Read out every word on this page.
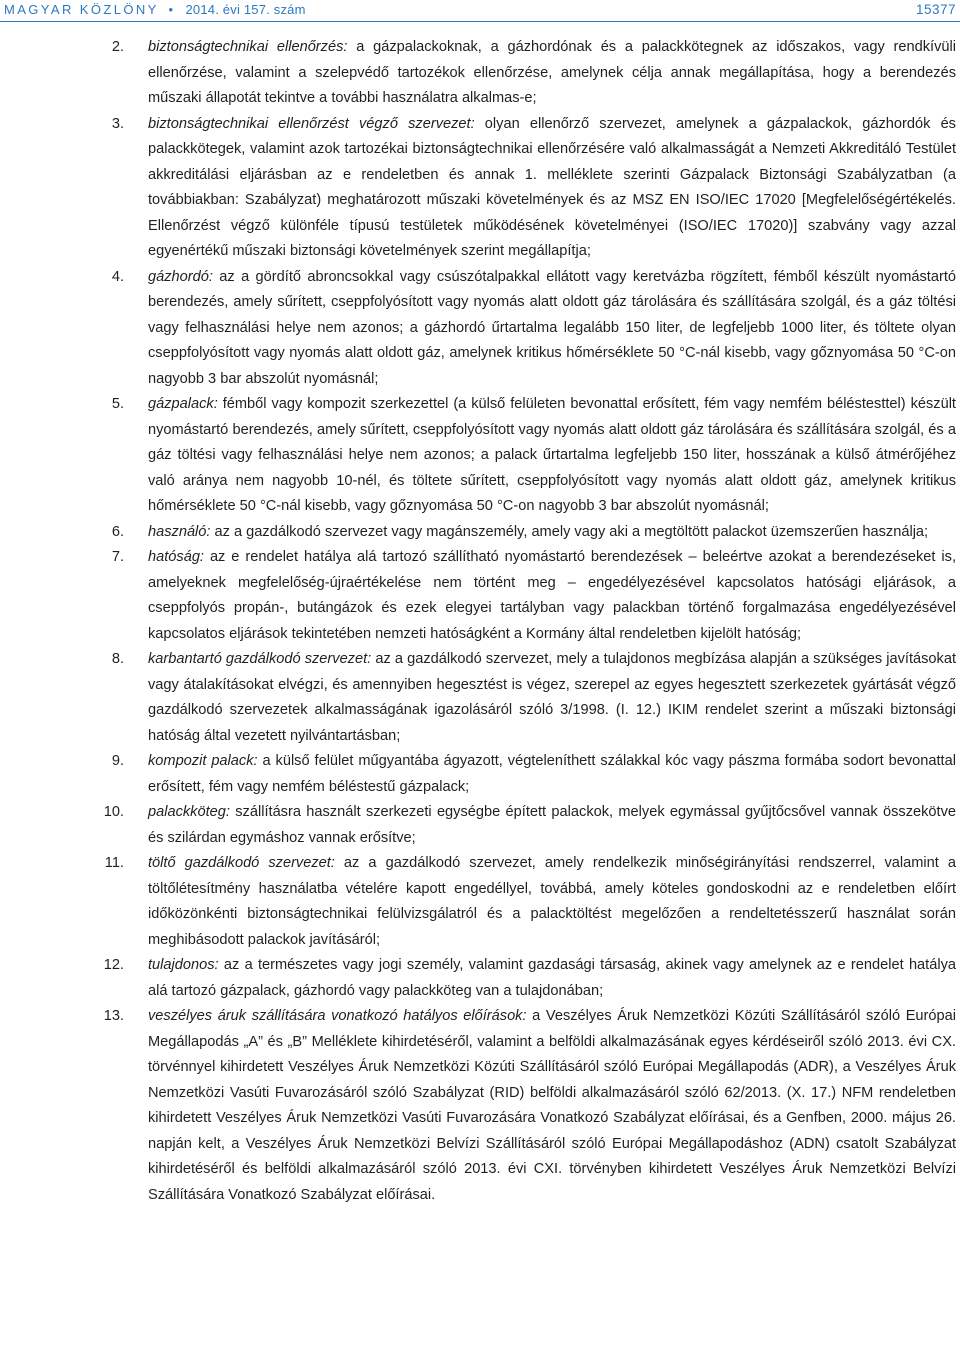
MAGYAR KÖZLÖNY • 2014. évi 157. szám	15377
2. biztonságtechnikai ellenőrzés: a gázpalackoknak, a gázhordónak és a palackkötegnek az időszakos, vagy rendkívüli ellenőrzése, valamint a szelepvédő tartozékok ellenőrzése, amelynek célja annak megállapítása, hogy a berendezés műszaki állapotát tekintve a további használatra alkalmas-e;
3. biztonságtechnikai ellenőrzést végző szervezet: olyan ellenőrző szervezet, amelynek a gázpalackok, gázhordók és palackkötegek, valamint azok tartozékai biztonságtechnikai ellenőrzésére való alkalmasságát a Nemzeti Akkreditáló Testület akkreditálási eljárásban az e rendeletben és annak 1. melléklete szerinti Gázpalack Biztonsági Szabályzatban (a továbbiakban: Szabályzat) meghatározott műszaki követelmények és az MSZ EN ISO/IEC 17020 [Megfelelőségértékelés. Ellenőrzést végző különféle típusú testületek működésének követelményei (ISO/IEC 17020)] szabvány vagy azzal egyenértékű műszaki biztonsági követelmények szerint megállapítja;
4. gázhordó: az a gördítő abroncsokkal vagy csúszótalpakkal ellátott vagy keretvázba rögzített, fémből készült nyomástartó berendezés, amely sűrített, cseppfolyósított vagy nyomás alatt oldott gáz tárolására és szállítására szolgál, és a gáz töltési vagy felhasználási helye nem azonos; a gázhordó űrtartalma legalább 150 liter, de legfeljebb 1000 liter, és töltete olyan cseppfolyósított vagy nyomás alatt oldott gáz, amelynek kritikus hőmérséklete 50 °C-nál kisebb, vagy gőznyomása 50 °C-on nagyobb 3 bar abszolút nyomásnál;
5. gázpalack: fémből vagy kompozit szerkezettel (a külső felületen bevonattal erősített, fém vagy nemfém béléstesttel) készült nyomástartó berendezés, amely sűrített, cseppfolyósított vagy nyomás alatt oldott gáz tárolására és szállítására szolgál, és a gáz töltési vagy felhasználási helye nem azonos; a palack űrtartalma legfeljebb 150 liter, hosszának a külső átmérőjéhez való aránya nem nagyobb 10-nél, és töltete sűrített, cseppfolyósított vagy nyomás alatt oldott gáz, amelynek kritikus hőmérséklete 50 °C-nál kisebb, vagy gőznyomása 50 °C-on nagyobb 3 bar abszolút nyomásnál;
6. használó: az a gazdálkodó szervezet vagy magánszemély, amely vagy aki a megtöltött palackot üzemszerűen használja;
7. hatóság: az e rendelet hatálya alá tartozó szállítható nyomástartó berendezések – beleértve azokat a berendezéseket is, amelyeknek megfelelőség-újraértékelése nem történt meg – engedélyezésével kapcsolatos hatósági eljárások, a cseppfolyós propán-, butángázok és ezek elegyei tartályban vagy palackban történő forgalmazása engedélyezésével kapcsolatos eljárások tekintetében nemzeti hatóságként a Kormány által rendeletben kijelölt hatóság;
8. karbantartó gazdálkodó szervezet: az a gazdálkodó szervezet, mely a tulajdonos megbízása alapján a szükséges javításokat vagy átalakításokat elvégzi, és amennyiben hegesztést is végez, szerepel az egyes hegesztett szerkezetek gyártását végző gazdálkodó szervezetek alkalmasságának igazolásáról szóló 3/1998. (I. 12.) IKIM rendelet szerint a műszaki biztonsági hatóság által vezetett nyilvántartásban;
9. kompozit palack: a külső felület műgyantába ágyazott, végteleníthett szálakkal kóc vagy pászma formába sodort bevonattal erősített, fém vagy nemfém béléstestű gázpalack;
10. palackköteg: szállításra használt szerkezeti egységbe épített palackok, melyek egymással gyűjtőcsővel vannak összekötve és szilárdan egymáshoz vannak erősítve;
11. töltő gazdálkodó szervezet: az a gazdálkodó szervezet, amely rendelkezik minőségirányítási rendszerrel, valamint a töltőlétesítmény használatba vételére kapott engedéllyel, továbbá, amely köteles gondoskodni az e rendeletben előírt időközönkénti biztonságtechnikai felülvizsgálatról és a palacktöltést megelőzően a rendeltetésszerű használat során meghibásodott palackok javításáról;
12. tulajdonos: az a természetes vagy jogi személy, valamint gazdasági társaság, akinek vagy amelynek az e rendelet hatálya alá tartozó gázpalack, gázhordó vagy palackköteg van a tulajdonában;
13. veszélyes áruk szállítására vonatkozó hatályos előírások: a Veszélyes Áruk Nemzetközi Közúti Szállításáról szóló Európai Megállapodás „A” és „B” Melléklete kihirdetéséről, valamint a belföldi alkalmazásának egyes kérdéseiről szóló 2013. évi CX. törvénnyel kihirdetett Veszélyes Áruk Nemzetközi Közúti Szállításáról szóló Európai Megállapodás (ADR), a Veszélyes Áruk Nemzetközi Vasúti Fuvarozásáról szóló Szabályzat (RID) belföldi alkalmazásáról szóló 62/2013. (X. 17.) NFM rendeletben kihirdetett Veszélyes Áruk Nemzetközi Vasúti Fuvarozására Vonatkozó Szabályzat előírásai, és a Genfben, 2000. május 26. napján kelt, a Veszélyes Áruk Nemzetközi Belvízi Szállításáról szóló Európai Megállapodáshoz (ADN) csatolt Szabályzat kihirdetéséről és belföldi alkalmazásáról szóló 2013. évi CXI. törvényben kihirdetett Veszélyes Áruk Nemzetközi Belvízi Szállítására Vonatkozó Szabályzat előírásai.
